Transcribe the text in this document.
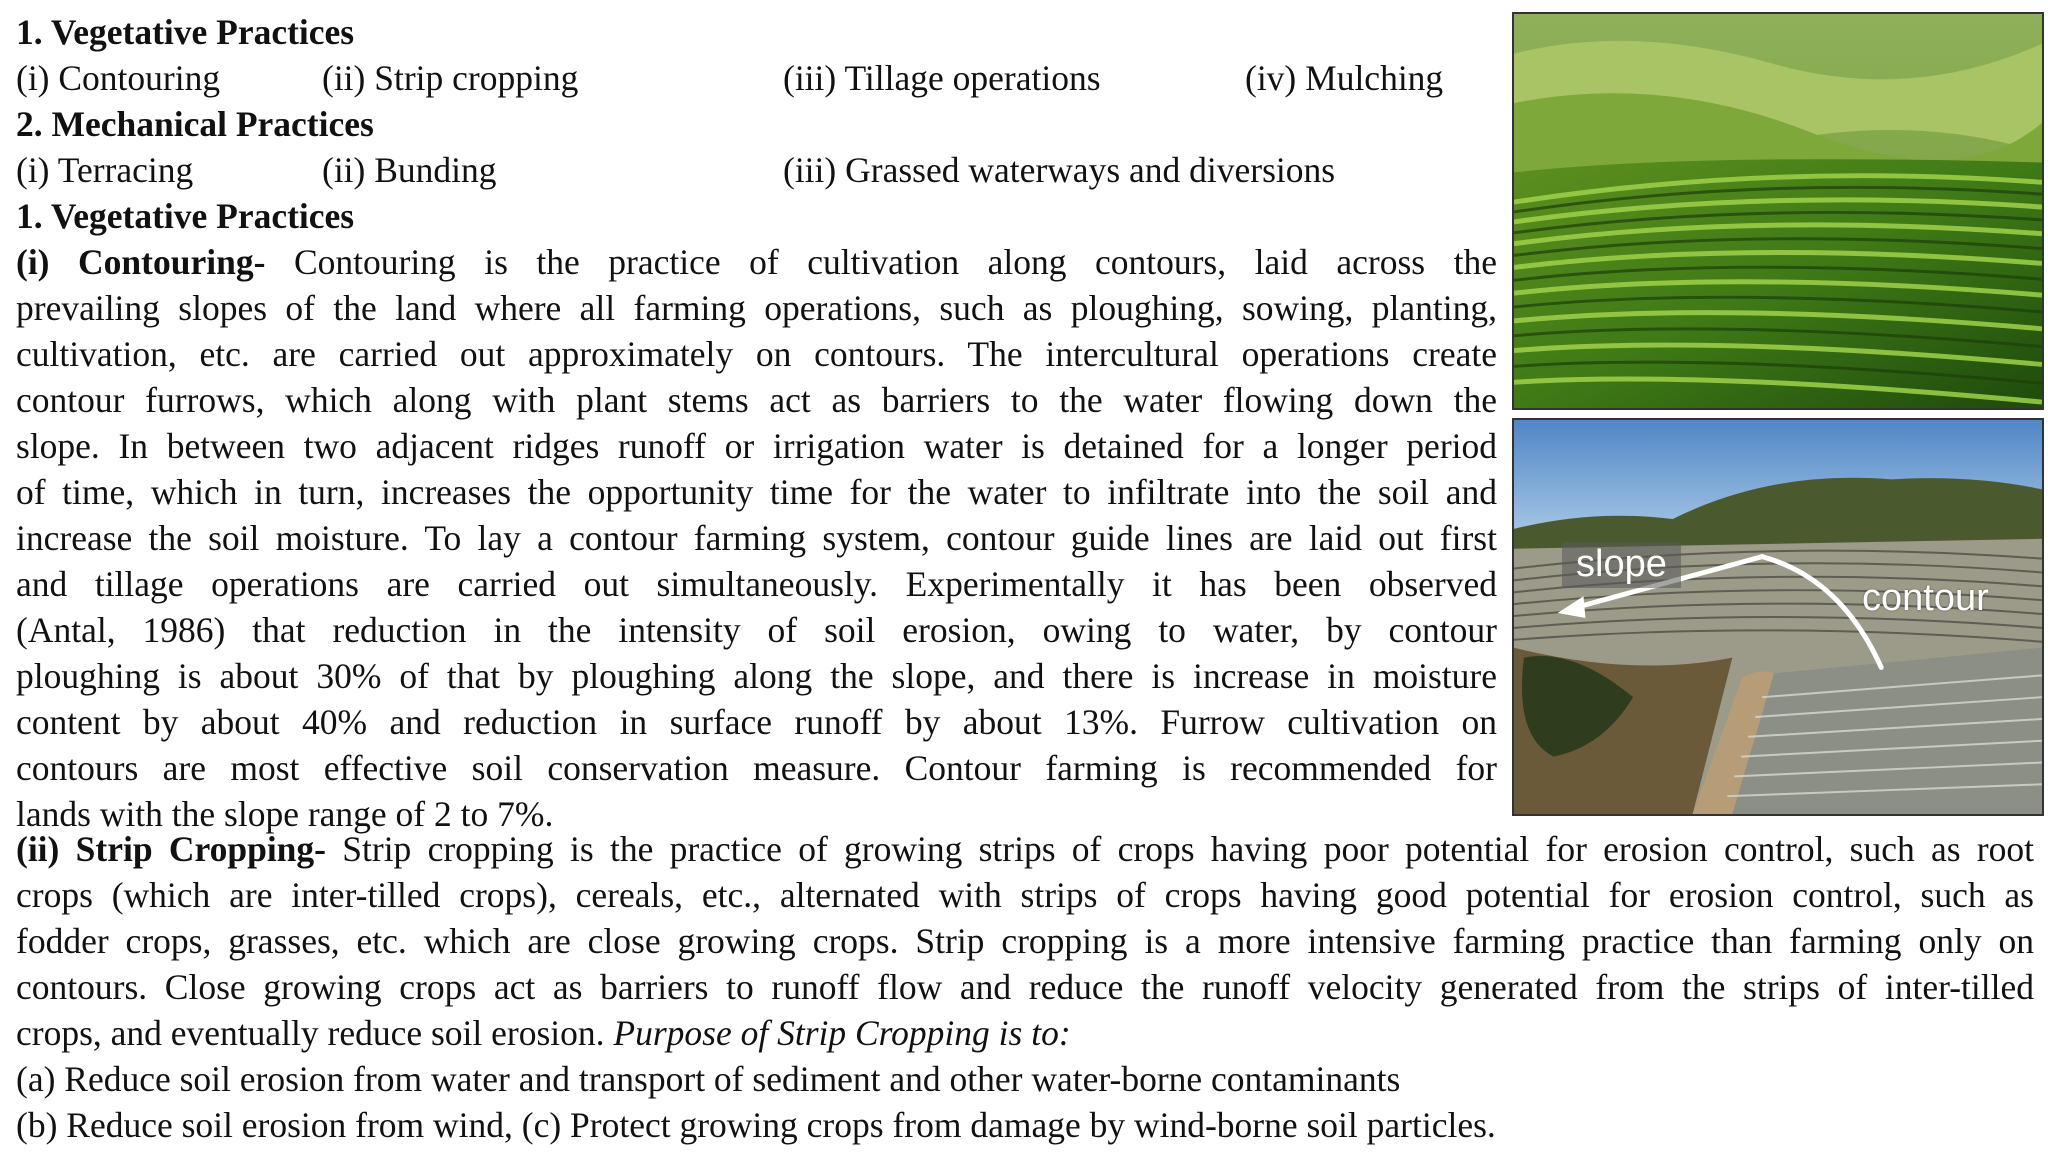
1. Vegetative Practices
(i) Contouring	(ii) Strip cropping	(iii) Tillage operations	(iv) Mulching
2. Mechanical Practices
(i) Terracing	(ii) Bunding	(iii) Grassed waterways and diversions
1. Vegetative Practices
(i) Contouring- Contouring is the practice of cultivation along contours, laid across the
prevailing slopes of the land where all farming operations, such as ploughing, sowing, planting,
cultivation, etc. are carried out approximately on contours. The intercultural operations create
contour furrows, which along with plant stems act as barriers to the water flowing down the
slope. In between two adjacent ridges runoff or irrigation water is detained for a longer period
of time, which in turn, increases the opportunity time for the water to infiltrate into the soil and
increase the soil moisture. To lay a contour farming system, contour guide lines are laid out first
and tillage operations are carried out simultaneously. Experimentally it has been observed
(Antal, 1986) that reduction in the intensity of soil erosion, owing to water, by contour
ploughing is about 30% of that by ploughing along the slope, and there is increase in moisture
content by about 40% and reduction in surface runoff by about 13%. Furrow cultivation on
contours are most effective soil conservation measure. Contour farming is recommended for
lands with the slope range of 2 to 7%.
(ii) Strip Cropping- Strip cropping is the practice of growing strips of crops having poor potential for erosion control, such as root
crops (which are inter-tilled crops), cereals, etc., alternated with strips of crops having good potential for erosion control, such as
fodder crops, grasses, etc. which are close growing crops. Strip cropping is a more intensive farming practice than farming only on
contours. Close growing crops act as barriers to runoff flow and reduce the runoff velocity generated from the strips of inter-tilled
crops, and eventually reduce soil erosion. Purpose of Strip Cropping is to:
(a) Reduce soil erosion from water and transport of sediment and other water-borne contaminants
(b) Reduce soil erosion from wind, (c) Protect growing crops from damage by wind-borne soil particles.
slope
contour
